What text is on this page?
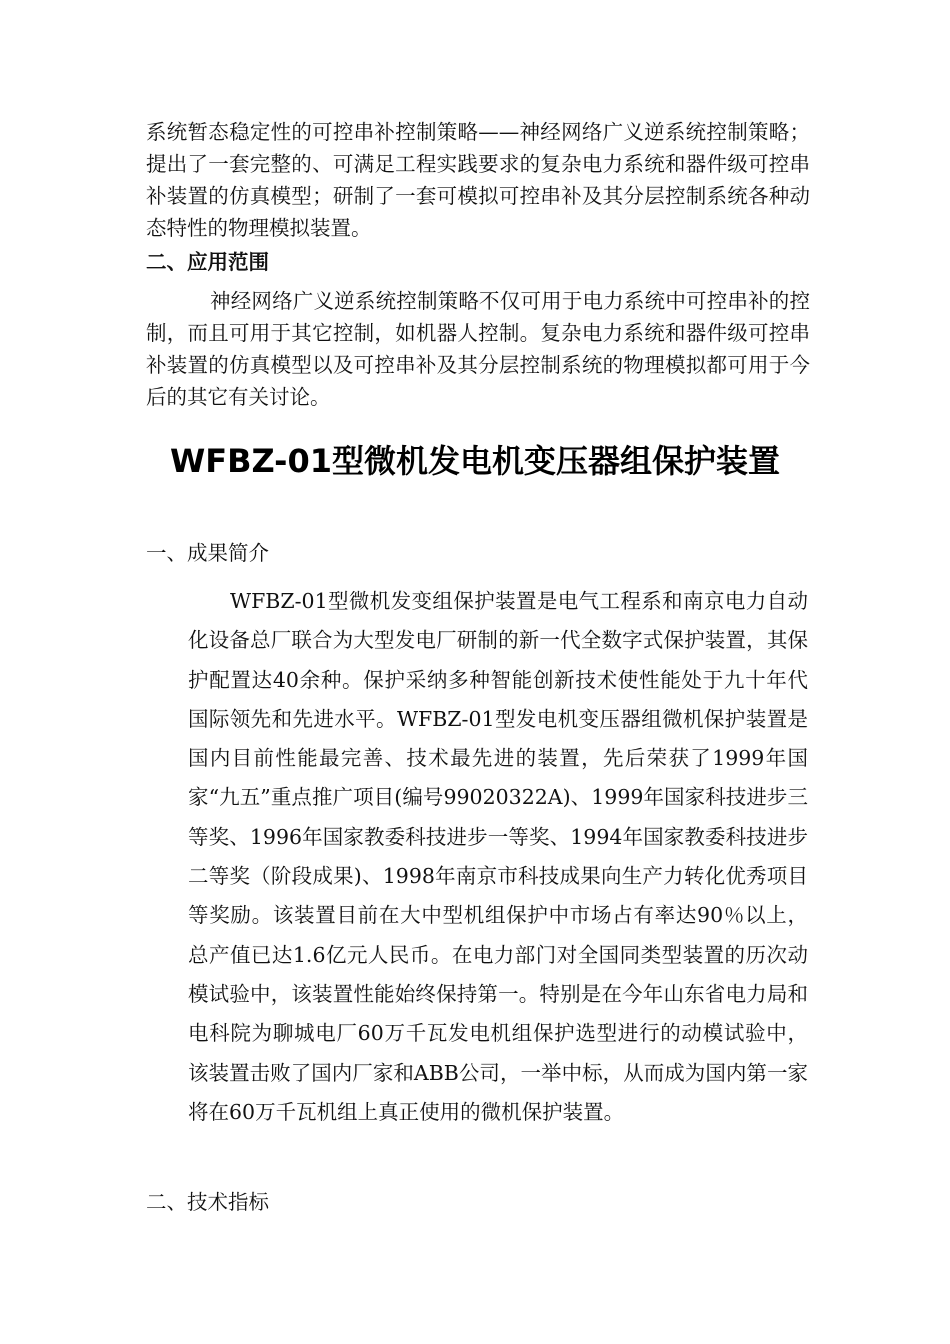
系统暂态稳定性的可控串补控制策略——神经网络广义逆系统控制策略；提出了一套完整的、可满足工程实践要求的复杂电力系统和器件级可控串补装置的仿真模型；研制了一套可模拟可控串补及其分层控制系统各种动态特性的物理模拟装置。

二、应用范围

神经网络广义逆系统控制策略不仅可用于电力系统中可控串补的控制，而且可用于其它控制，如机器人控制。复杂电力系统和器件级可控串补装置的仿真模型以及可控串补及其分层控制系统的物理模拟都可用于今后的其它有关讨论。

WFBZ-01型微机发电机变压器组保护装置

一、成果简介

WFBZ-01型微机发变组保护装置是电气工程系和南京电力自动化设备总厂联合为大型发电厂研制的新一代全数字式保护装置，其保护配置达40余种。保护采纳多种智能创新技术使性能处于九十年代国际领先和先进水平。WFBZ-01型发电机变压器组微机保护装置是国内目前性能最完善、技术最先进的装置，先后荣获了1999年国家“九五”重点推广项目(编号99020322A)、1999年国家科技进步三等奖、1996年国家教委科技进步一等奖、1994年国家教委科技进步二等奖（阶段成果)、1998年南京市科技成果向生产力转化优秀项目等奖励。该装置目前在大中型机组保护中市场占有率达90％以上，总产值已达1.6亿元人民币。在电力部门对全国同类型装置的历次动模试验中，该装置性能始终保持第一。特别是在今年山东省电力局和电科院为聊城电厂60万千瓦发电机组保护选型进行的动模试验中，该装置击败了国内厂家和ABB公司，一举中标，从而成为国内第一家将在60万千瓦机组上真正使用的微机保护装置。

二、技术指标
